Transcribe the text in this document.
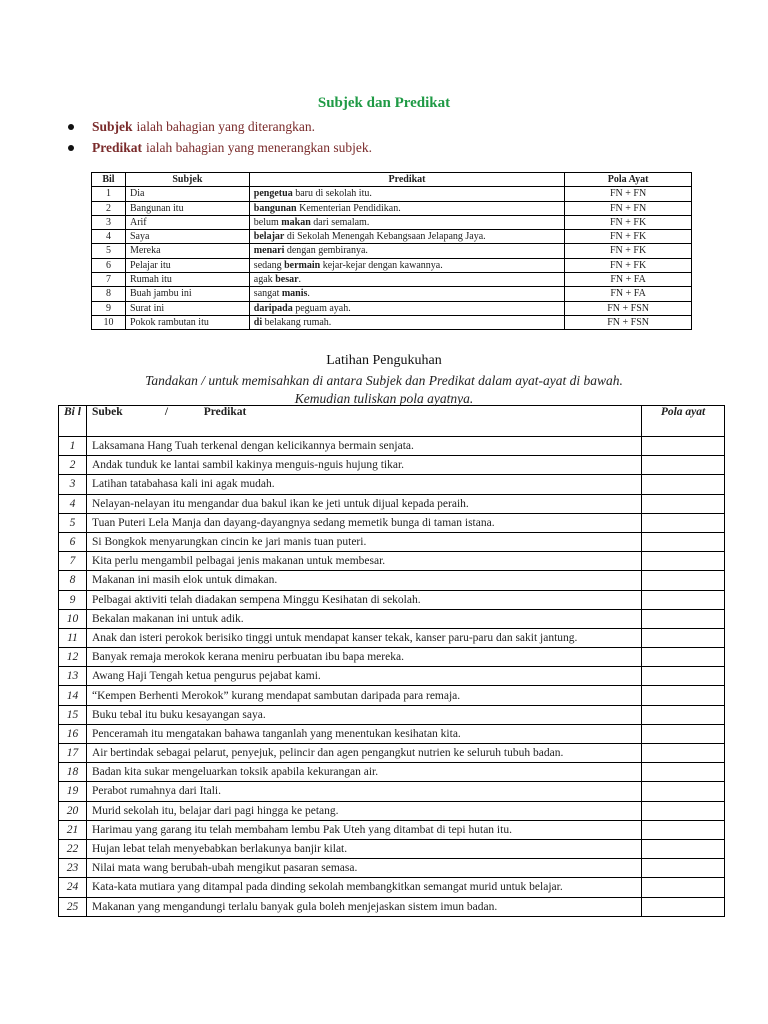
Subjek dan Predikat
Subjek ialah bahagian yang diterangkan.
Predikat ialah bahagian yang menerangkan subjek.
Bil	Subjek	Predikat	Pola Ayat
1	Dia	pengetua baru di sekolah itu.	FN + FN
2	Bangunan itu	bangunan Kementerian Pendidikan.	FN + FN
3	Arif	belum makan dari semalam.	FN + FK
4	Saya	belajar di Sekolah Menengah Kebangsaan Jelapang Jaya.	FN + FK
5	Mereka	menari dengan gembiranya.	FN + FK
6	Pelajar itu	sedang bermain kejar-kejar dengan kawannya.	FN + FK
7	Rumah itu	agak besar.	FN + FA
8	Buah jambu ini	sangat manis.	FN + FA
9	Surat ini	daripada peguam ayah.	FN + FSN
10	Pokok rambutan itu	di belakang rumah.	FN + FSN
Latihan Pengukuhan
Tandakan / untuk memisahkan di antara Subjek dan Predikat dalam ayat-ayat di bawah.
Kemudian tuliskan pola ayatnya.
Bi l	Subek / Predikat	Pola ayat
1	Laksamana Hang Tuah terkenal dengan kelicikannya bermain senjata.	
2	Andak tunduk ke lantai sambil kakinya menguis-nguis hujung tikar.	
3	Latihan tatabahasa kali ini agak mudah.	
4	Nelayan-nelayan itu mengandar dua bakul ikan ke jeti untuk dijual kepada peraih.	
5	Tuan Puteri Lela Manja dan dayang-dayangnya sedang memetik bunga di taman istana.	
6	Si Bongkok menyarungkan cincin ke jari manis tuan puteri.	
7	Kita perlu mengambil pelbagai jenis makanan untuk membesar.	
8	Makanan ini masih elok untuk dimakan.	
9	Pelbagai aktiviti telah diadakan sempena Minggu Kesihatan di sekolah.	
10	Bekalan makanan ini untuk adik.	
11	Anak dan isteri perokok berisiko tinggi untuk mendapat kanser tekak, kanser paru-paru dan sakit jantung.	
12	Banyak remaja merokok kerana meniru perbuatan ibu bapa mereka.	
13	Awang Haji Tengah ketua pengurus pejabat kami.	
14	“Kempen Berhenti Merokok” kurang mendapat sambutan daripada para remaja.	
15	Buku tebal itu buku kesayangan saya.	
16	Penceramah itu mengatakan bahawa tanganlah yang menentukan kesihatan kita.	
17	Air bertindak sebagai pelarut, penyejuk, pelincir dan agen pengangkut nutrien ke seluruh tubuh badan.	
18	Badan kita sukar mengeluarkan toksik apabila kekurangan air.	
19	Perabot rumahnya dari Itali.	
20	Murid sekolah itu, belajar dari pagi hingga ke petang.	
21	Harimau yang garang itu telah membaham lembu Pak Uteh yang ditambat di tepi hutan itu.	
22	Hujan lebat telah menyebabkan berlakunya banjir kilat.	
23	Nilai mata wang berubah-ubah mengikut pasaran semasa.	
24	Kata-kata mutiara yang ditampal pada dinding sekolah membangkitkan semangat murid untuk belajar.	
25	Makanan yang mengandungi terlalu banyak gula boleh menjejaskan sistem imun badan.	
